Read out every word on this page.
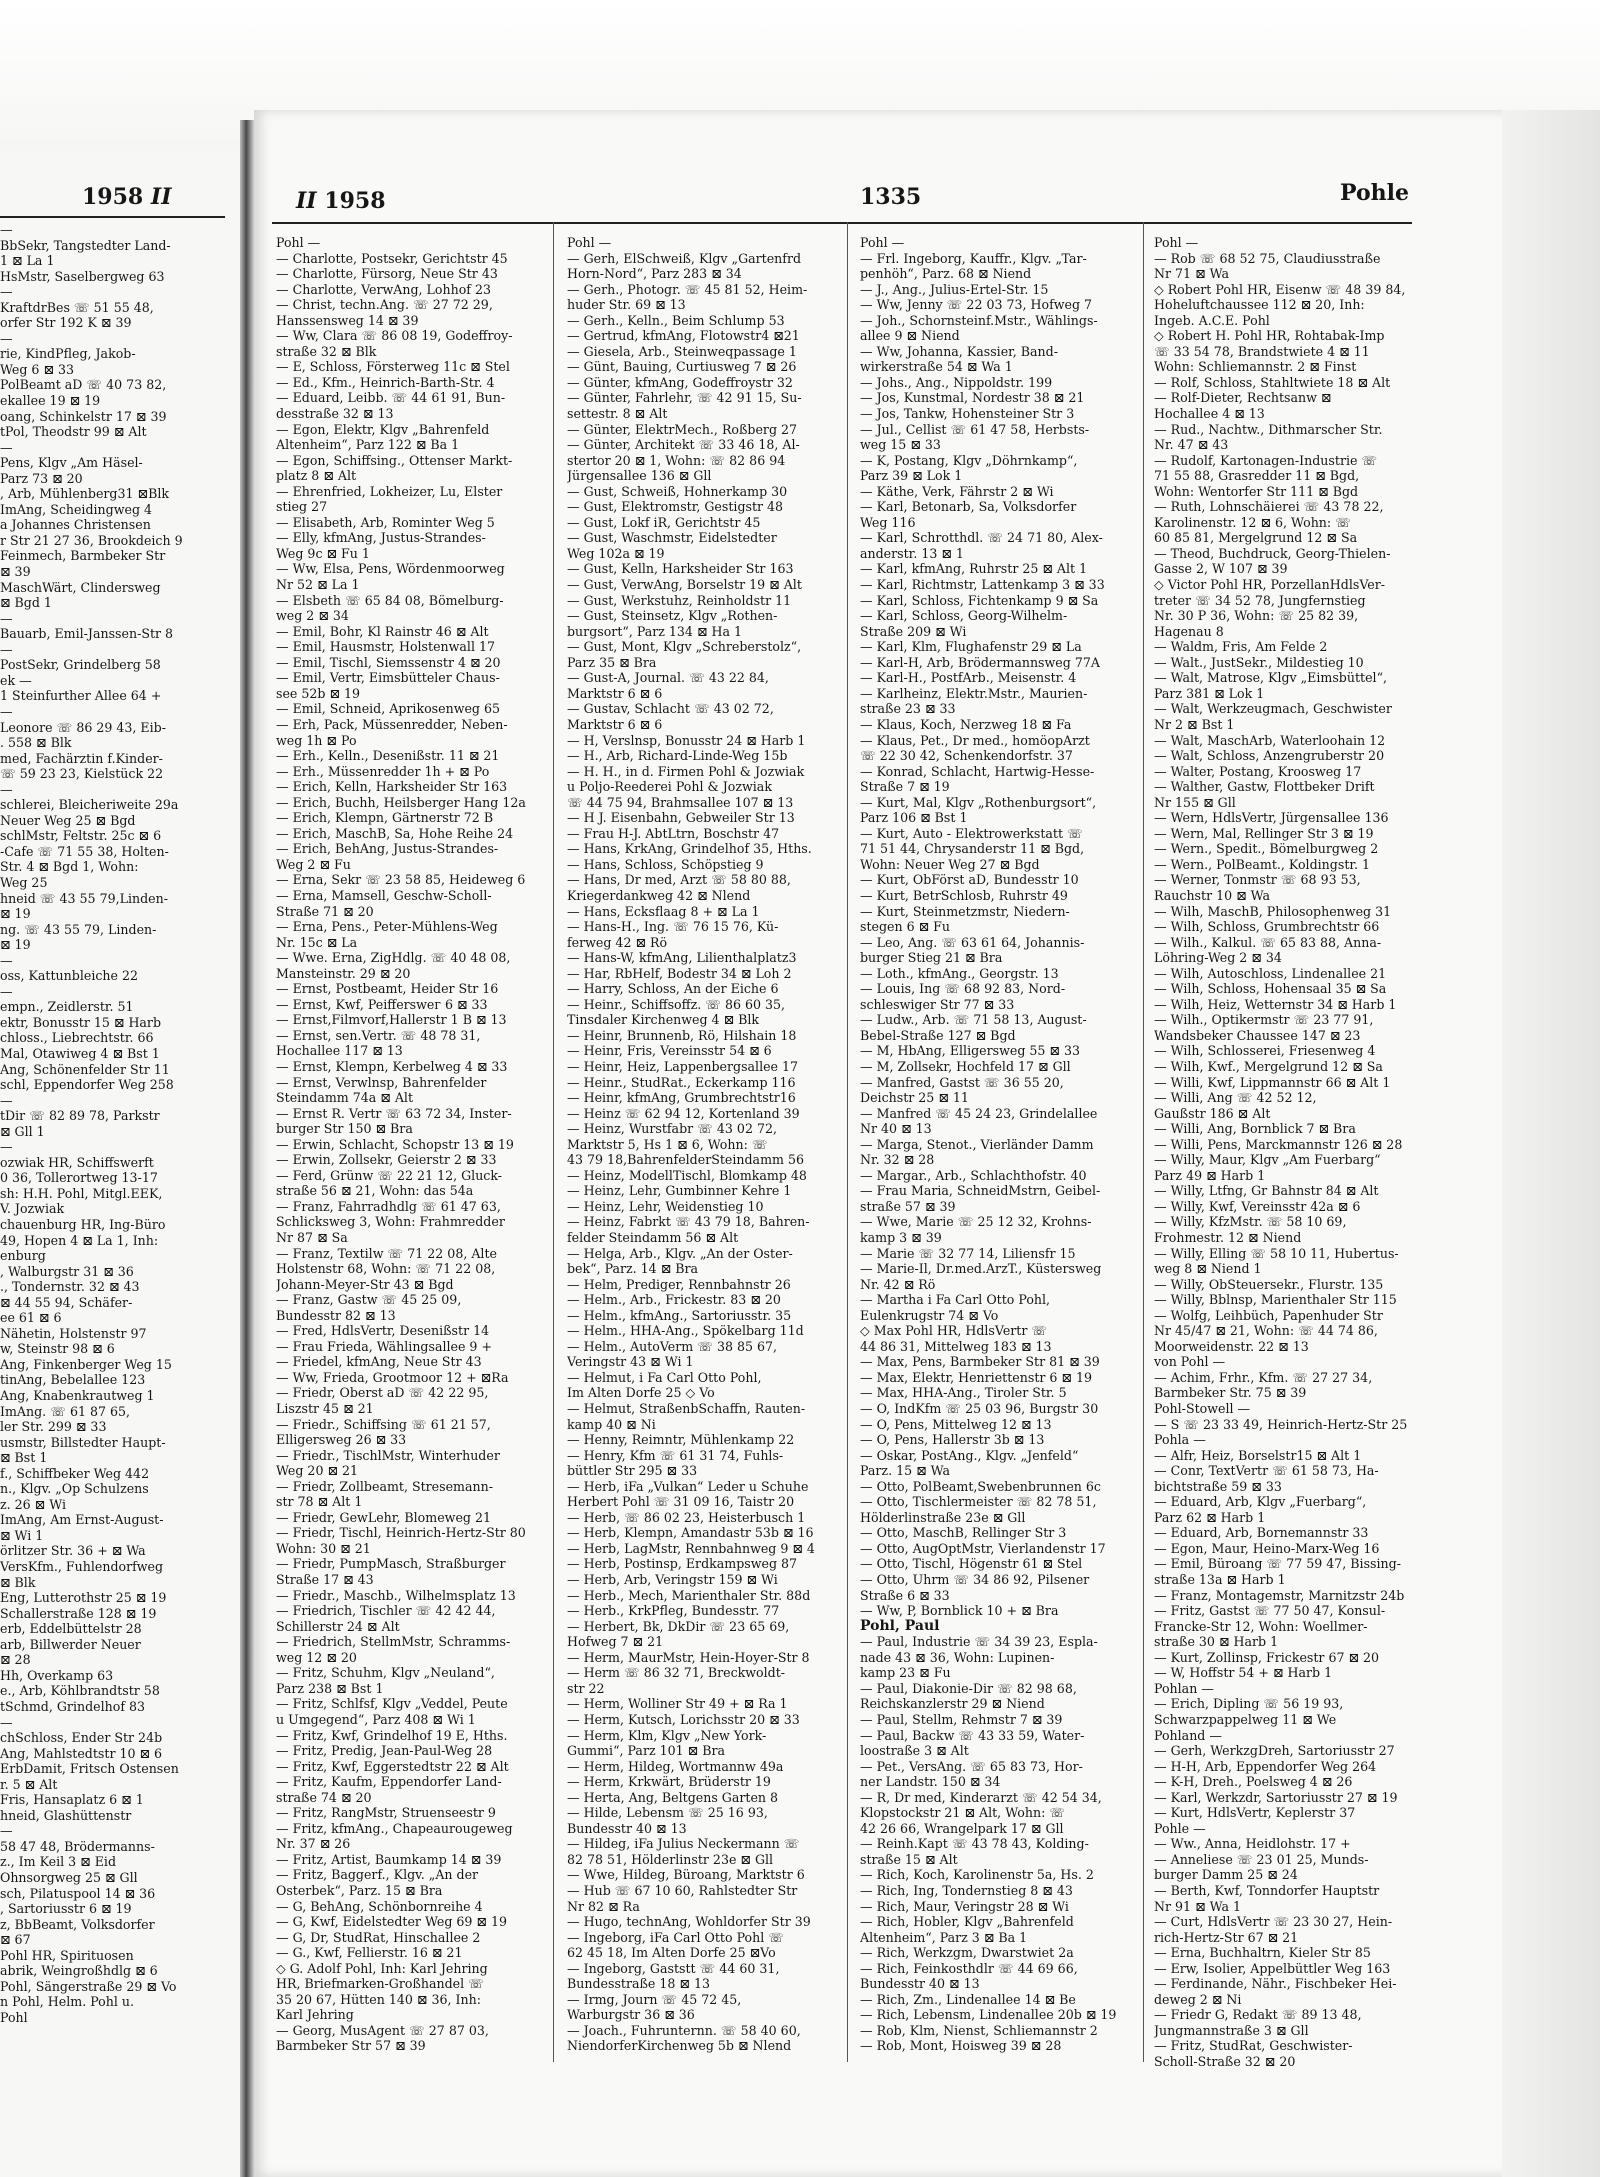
1958 II
—
BbSekr, Tangstedter Land-
1 ⊠ La 1
HsMstr, Saselbergweg 63
—
KraftdrBes ☏ 51 55 48,
orfer Str 192 K ⊠ 39
—
rie, KindPfleg, Jakob-
Weg 6 ⊠ 33
PolBeamt aD ☏ 40 73 82,
ekallee 19 ⊠ 19
oang, Schinkelstr 17 ⊠ 39
tPol, Theodstr 99 ⊠ Alt
—
Pens, Klgv „Am Häsel-
Parz 73 ⊠ 20
, Arb, Mühlenberg31 ⊠Blk
ImAng, Scheidingweg 4
a Johannes Christensen
r Str 21 27 36, Brookdeich 9
Feinmech, Barmbeker Str
⊠ 39
MaschWärt, Clindersweg
⊠ Bgd 1
—
Bauarb, Emil-Janssen-Str 8
—
PostSekr, Grindelberg 58
ek —
1 Steinfurther Allee 64 +
—
Leonore ☏ 86 29 43, Eib-
. 558 ⊠ Blk
med, Fachärztin f.Kinder-
☏ 59 23 23, Kielstück 22
—
schlerei, Bleicheriweite 29a
Neuer Weg 25 ⊠ Bgd
schlMstr, Feltstr. 25c ⊠ 6
-Cafe ☏ 71 55 38, Holten-
Str. 4 ⊠ Bgd 1, Wohn:
Weg 25
hneid ☏ 43 55 79,Linden-
⊠ 19
ng. ☏ 43 55 79, Linden-
⊠ 19
—
oss, Kattunbleiche 22
—
empn., Zeidlerstr. 51
ektr, Bonusstr 15 ⊠ Harb
chloss., Liebrechtstr. 66
Mal, Otawiweg 4 ⊠ Bst 1
Ang, Schönenfelder Str 11
schl, Eppendorfer Weg 258
—
tDir ☏ 82 89 78, Parkstr
⊠ Gll 1
—
ozwiak HR, Schiffswerft
0 36, Tollerortweg 13-17
sh: H.H. Pohl, Mitgl.EEK,
V. Jozwiak
chauenburg HR, Ing-Büro
49, Hopen 4 ⊠ La 1, Inh:
enburg
, Walburgstr 31 ⊠ 36
., Tondernstr. 32 ⊠ 43
⊠ 44 55 94, Schäfer-
ee 61 ⊠ 6
Nähetin, Holstenstr 97
w, Steinstr 98 ⊠ 6
Ang, Finkenberger Weg 15
tinAng, Bebelallee 123
Ang, Knabenkrautweg 1
ImAng. ☏ 61 87 65,
ler Str. 299 ⊠ 33
usmstr, Billstedter Haupt-
⊠ Bst 1
f., Schiffbeker Weg 442
n., Klgv. „Op Schulzens
z. 26 ⊠ Wi
ImAng, Am Ernst-August-
⊠ Wi 1
örlitzer Str. 36 + ⊠ Wa
VersKfm., Fuhlendorfweg
⊠ Blk
Eng, Lutterothstr 25 ⊠ 19
Schallerstraße 128 ⊠ 19
erb, Eddelbüttelstr 28
arb, Billwerder Neuer
⊠ 28
Hh, Overkamp 63
e., Arb, Köhlbrandtstr 58
tSchmd, Grindelhof 83
—
chSchloss, Ender Str 24b
Ang, Mahlstedtstr 10 ⊠ 6
ErbDamit, Fritsch Ostensen
r. 5 ⊠ Alt
Fris, Hansaplatz 6 ⊠ 1
hneid, Glashüttenstr
—
58 47 48, Brödermanns-
z., Im Keil 3 ⊠ Eid
Ohnsorgweg 25 ⊠ Gll
sch, Pilatuspool 14 ⊠ 36
, Sartoriusstr 6 ⊠ 19
z, BbBeamt, Volksdorfer
⊠ 67
Pohl HR, Spirituosen
abrik, Weingroßhdlg ⊠ 6
Pohl, Sängerstraße 29 ⊠ Vo
n Pohl, Helm. Pohl u.
Pohl
II 1958	1335	Pohle
Pohl —
— Charlotte, Postsekr, Gerichtstr 45
— Charlotte, Fürsorg, Neue Str 43
— Charlotte, VerwAng, Lohhof 23
— Christ, techn.Ang. ☏ 27 72 29,
Hanssensweg 14 ⊠ 39
— Ww, Clara ☏ 86 08 19, Godeffroy-
straße 32 ⊠ Blk
— E, Schloss, Försterweg 11c ⊠ Stel
— Ed., Kfm., Heinrich-Barth-Str. 4
— Eduard, Leibb. ☏ 44 61 91, Bun-
desstraße 32 ⊠ 13
— Egon, Elektr, Klgv „Bahrenfeld
Altenheim“, Parz 122 ⊠ Ba 1
— Egon, Schiffsing., Ottenser Markt-
platz 8 ⊠ Alt
— Ehrenfried, Lokheizer, Lu, Elster
stieg 27
— Elisabeth, Arb, Rominter Weg 5
— Elly, kfmAng, Justus-Strandes-
Weg 9c ⊠ Fu 1
— Ww, Elsa, Pens, Wördenmoorweg
Nr 52 ⊠ La 1
— Elsbeth ☏ 65 84 08, Bömelburg-
weg 2 ⊠ 34
— Emil, Bohr, Kl Rainstr 46 ⊠ Alt
— Emil, Hausmstr, Holstenwall 17
— Emil, Tischl, Siemssenstr 4 ⊠ 20
— Emil, Vertr, Eimsbütteler Chaus-
see 52b ⊠ 19
— Emil, Schneid, Aprikosenweg 65
— Erh, Pack, Müssenredder, Neben-
weg 1h ⊠ Po
— Erh., Kelln., Desenißstr. 11 ⊠ 21
— Erh., Müssenredder 1h + ⊠ Po
— Erich, Kelln, Harksheider Str 163
— Erich, Buchh, Heilsberger Hang 12a
— Erich, Klempn, Gärtnerstr 72 B
— Erich, MaschB, Sa, Hohe Reihe 24
— Erich, BehAng, Justus-Strandes-
Weg 2 ⊠ Fu
— Erna, Sekr ☏ 23 58 85, Heideweg 6
— Erna, Mamsell, Geschw-Scholl-
Straße 71 ⊠ 20
— Erna, Pens., Peter-Mühlens-Weg
Nr. 15c ⊠ La
— Wwe. Erna, ZigHdlg. ☏ 40 48 08,
Mansteinstr. 29 ⊠ 20
— Ernst, Postbeamt, Heider Str 16
— Ernst, Kwf, Peifferswег 6 ⊠ 33
— Ernst,Filmvorf,Hallerstr 1 B ⊠ 13
— Ernst, sen.Vertr. ☏ 48 78 31,
Hochallee 117 ⊠ 13
— Ernst, Klempn, Kerbelweg 4 ⊠ 33
— Ernst, Verwlnsp, Bahrenfelder
Steindamm 74a ⊠ Alt
— Ernst R. Vertr ☏ 63 72 34, Inster-
burger Str 150 ⊠ Bra
— Erwin, Schlacht, Schopstr 13 ⊠ 19
— Erwin, Zollsekr, Geierstr 2 ⊠ 33
— Ferd, Grünw ☏ 22 21 12, Gluck-
straße 56 ⊠ 21, Wohn: das 54a
— Franz, Fahrradhdlg ☏ 61 47 63,
Schlicksweg 3, Wohn: Frahmredder
Nr 87 ⊠ Sa
— Franz, Textilw ☏ 71 22 08, Alte
Holstenstr 68, Wohn: ☏ 71 22 08,
Johann-Meyer-Str 43 ⊠ Bgd
— Franz, Gastw ☏ 45 25 09,
Bundesstr 82 ⊠ 13
— Fred, HdlsVertr, Desenißstr 14
— Frau Frieda, Wählingsallee 9 +
— Friedel, kfmAng, Neue Str 43
— Ww, Frieda, Grootmoor 12 + ⊠Ra
— Friedr, Oberst aD ☏ 42 22 95,
Liszstr 45 ⊠ 21
— Friedr., Schiffsing ☏ 61 21 57,
Elligersweg 26 ⊠ 33
— Friedr., TischlMstr, Winterhuder
Weg 20 ⊠ 21
— Friedr, Zollbeamt, Stresemann-
str 78 ⊠ Alt 1
— Friedr, GewLehr, Blomeweg 21
— Friedr, Tischl, Heinrich-Hertz-Str 80
Wohn: 30 ⊠ 21
— Friedr, PumpMasch, Straßburger
Straße 17 ⊠ 43
— Friedr., Maschb., Wilhelmsplatz 13
— Friedrich, Tischler ☏ 42 42 44,
Schillerstr 24 ⊠ Alt
— Friedrich, StellmMstr, Schramms-
weg 12 ⊠ 20
— Fritz, Schuhm, Klgv „Neuland“,
Parz 238 ⊠ Bst 1
— Fritz, Schlfsf, Klgv „Veddel, Peute
u Umgegend“, Parz 408 ⊠ Wi 1
— Fritz, Kwf, Grindelhof 19 E, Hths.
— Fritz, Predig, Jean-Paul-Weg 28
— Fritz, Kwf, Eggerstedtstr 22 ⊠ Alt
— Fritz, Kaufm, Eppendorfer Land-
straße 74 ⊠ 20
— Fritz, RangMstr, Struenseestr 9
— Fritz, kfmAng., Chapeaurougeweg
Nr. 37 ⊠ 26
— Fritz, Artist, Baumkamp 14 ⊠ 39
— Fritz, Baggerf., Klgv. „An der
Osterbek“, Parz. 15 ⊠ Bra
— G, BehAng, Schönbornreihe 4
— G, Kwf, Eidelstedter Weg 69 ⊠ 19
— G, Dr, StudRat, Hinschallee 2
— G., Kwf, Fellierstr. 16 ⊠ 21
◇ G. Adolf Pohl, Inh: Karl Jehring
HR, Briefmarken-Großhandel ☏
35 20 67, Hütten 140 ⊠ 36, Inh:
Karl Jehring
— Georg, MusAgent ☏ 27 87 03,
Barmbeker Str 57 ⊠ 39
Pohl —
— Gerh, ElSchweiß, Klgv „Gartenfrd
Horn-Nord“, Parz 283 ⊠ 34
— Gerh., Photogr. ☏ 45 81 52, Heim-
huder Str. 69 ⊠ 13
— Gerh., Kelln., Beim Schlump 53
— Gertrud, kfmAng, Flotowstr4 ⊠21
— Giesela, Arb., Steinweqpassage 1
— Günt, Bauing, Curtiusweg 7 ⊠ 26
— Günter, kfmAng, Godeffroystr 32
— Günter, Fahrlehr, ☏ 42 91 15, Su-
settestr. 8 ⊠ Alt
— Günter, ElektrMech., Roßberg 27
— Günter, Architekt ☏ 33 46 18, Al-
stertor 20 ⊠ 1, Wohn: ☏ 82 86 94
Jürgensallee 136 ⊠ Gll
— Gust, Schweiß, Hohnerkamp 30
— Gust, Elektromstr, Gestigstr 48
— Gust, Lokf iR, Gerichtstr 45
— Gust, Waschmstr, Eidelstedter
Weg 102a ⊠ 19
— Gust, Kelln, Harksheider Str 163
— Gust, VerwAng, Borselstr 19 ⊠ Alt
— Gust, Werkstuhz, Reinholdstr 11
— Gust, Steinsetz, Klgv „Rothen-
burgsort“, Parz 134 ⊠ Ha 1
— Gust, Mont, Klgv „Schreberstolz“,
Parz 35 ⊠ Bra
— Gust-A, Journal. ☏ 43 22 84,
Marktstr 6 ⊠ 6
— Gustav, Schlacht ☏ 43 02 72,
Marktstr 6 ⊠ 6
— H, Verslnsp, Bonusstr 24 ⊠ Harb 1
— H., Arb, Richard-Linde-Weg 15b
— H. H., in d. Firmen Pohl & Jozwiak
u Poljo-Reederei Pohl & Jozwiak
☏ 44 75 94, Brahmsallee 107 ⊠ 13
— H J. Eisenbahn, Gebweiler Str 13
— Frau H-J. AbtLtrn, Boschstr 47
— Hans, KrkAng, Grindelhof 35, Hths.
— Hans, Schloss, Schöpstieg 9
— Hans, Dr med, Arzt ☏ 58 80 88,
Kriegerdankweg 42 ⊠ Nlend
— Hans, Ecksflaag 8 + ⊠ La 1
— Hans-H., Ing. ☏ 76 15 76, Kü-
ferweg 42 ⊠ Rö
— Hans-W, kfmAng, Lilienthalplatz3
— Har, RbHelf, Bodestr 34 ⊠ Loh 2
— Harry, Schloss, An der Eiche 6
— Heinr., Schiffsoffz. ☏ 86 60 35,
Tinsdaler Kirchenweg 4 ⊠ Blk
— Heinr, Brunnenb, Rö, Hilshain 18
— Heinr, Fris, Vereinsstr 54 ⊠ 6
— Heinr, Heiz, Lappenbergsallee 17
— Heinr., StudRat., Eckerkamp 116
— Heinr, kfmAng, Grumbrechtstr16
— Heinz ☏ 62 94 12, Kortenland 39
— Heinz, Wurstfabr ☏ 43 02 72,
Marktstr 5, Hs 1 ⊠ 6, Wohn: ☏
43 79 18,BahrenfelderSteindamm 56
— Heinz, ModellTischl, Blomkamp 48
— Heinz, Lehr, Gumbinner Kehre 1
— Heinz, Lehr, Weidenstieg 10
— Heinz, Fabrkt ☏ 43 79 18, Bahren-
felder Steindamm 56 ⊠ Alt
— Helga, Arb., Klgv. „An der Oster-
bek“, Parz. 14 ⊠ Bra
— Helm, Prediger, Rennbahnstr 26
— Helm., Arb., Frickestr. 83 ⊠ 20
— Helm., kfmAng., Sartoriusstr. 35
— Helm., HHA-Ang., Spökelbarg 11d
— Helm., AutoVerm ☏ 38 85 67,
Veringstr 43 ⊠ Wi 1
— Helmut, i Fa Carl Otto Pohl,
Im Alten Dorfe 25 ◇ Vo
— Helmut, StraßenbSchaffn, Rauten-
kamp 40 ⊠ Ni
— Henny, Reimntr, Mühlenkamp 22
— Henry, Kfm ☏ 61 31 74, Fuhls-
büttler Str 295 ⊠ 33
— Herb, iFa „Vulkan“ Leder u Schuhe
Herbert Pohl ☏ 31 09 16, Taistr 20
— Herb, ☏ 86 02 23, Heisterbusch 1
— Herb, Klempn, Amandastr 53b ⊠ 16
— Herb, LagMstr, Rennbahnweg 9 ⊠ 4
— Herb, Postinsp, Erdkampsweg 87
— Herb, Arb, Veringstr 159 ⊠ Wi
— Herb., Mech, Marienthaler Str. 88d
— Herb., KrkPfleg, Bundesstr. 77
— Herbert, Bk, DkDir ☏ 23 65 69,
Hofweg 7 ⊠ 21
— Herm, MaurMstr, Hein-Hoyer-Str 8
— Herm ☏ 86 32 71, Breckwoldt-
str 22
— Herm, Wolliner Str 49 + ⊠ Ra 1
— Herm, Kutsch, Lorichsstr 20 ⊠ 33
— Herm, Klm, Klgv „New York-
Gummi“, Parz 101 ⊠ Bra
— Herm, Hildeg, Wortmannw 49a
— Herm, Krkwärt, Brüderstr 19
— Herta, Ang, Beltgens Garten 8
— Hilde, Lebensm ☏ 25 16 93,
Bundesstr 40 ⊠ 13
— Hildeg, iFa Julius Neckermann ☏
82 78 51, Hölderlinstr 23e ⊠ Gll
— Wwe, Hildeg, Büroang, Marktstr 6
— Hub ☏ 67 10 60, Rahlstedter Str
Nr 82 ⊠ Ra
— Hugo, technAng, Wohldorfer Str 39
— Ingeborg, iFa Carl Otto Pohl ☏
62 45 18, Im Alten Dorfe 25 ⊠Vo
— Ingeborg, Gaststt ☏ 44 60 31,
Bundesstraße 18 ⊠ 13
— Irmg, Journ ☏ 45 72 45,
Warburgstr 36 ⊠ 36
— Joach., Fuhrunternn. ☏ 58 40 60,
NiendorferKirchenweg 5b ⊠ Nlend
Pohl —
— Frl. Ingeborg, Kauffr., Klgv. „Tar-
penhöh“, Parz. 68 ⊠ Niend
— J., Ang., Julius-Ertel-Str. 15
— Ww, Jenny ☏ 22 03 73, Hofweg 7
— Joh., Schornsteinf.Mstr., Wählings-
allee 9 ⊠ Niend
— Ww, Johanna, Kassier, Band-
wirkerstraße 54 ⊠ Wa 1
— Johs., Ang., Nippoldstr. 199
— Jos, Kunstmal, Nordestr 38 ⊠ 21
— Jos, Tankw, Hohensteiner Str 3
— Jul., Cellist ☏ 61 47 58, Herbsts-
weg 15 ⊠ 33
— K, Postang, Klgv „Döhrnkamp“,
Parz 39 ⊠ Lok 1
— Käthe, Verk, Fährstr 2 ⊠ Wi
— Karl, Betonarb, Sa, Volksdorfer
Weg 116
— Karl, Schrotthdl. ☏ 24 71 80, Alex-
anderstr. 13 ⊠ 1
— Karl, kfmAng, Ruhrstr 25 ⊠ Alt 1
— Karl, Richtmstr, Lattenkamp 3 ⊠ 33
— Karl, Schloss, Fichtenkamp 9 ⊠ Sa
— Karl, Schloss, Georg-Wilhelm-
Straße 209 ⊠ Wi
— Karl, Klm, Flughafenstr 29 ⊠ La
— Karl-H, Arb, Brödermannsweg 77A
— Karl-H., PostfArb., Meisenstr. 4
— Karlheinz, Elektr.Mstr., Maurien-
straße 23 ⊠ 33
— Klaus, Koch, Nerzweg 18 ⊠ Fa
— Klaus, Pet., Dr med., homöopArzt
☏ 22 30 42, Schenkendorfstr. 37
— Konrad, Schlacht, Hartwig-Hesse-
Straße 7 ⊠ 19
— Kurt, Mal, Klgv „Rothenburgsort“,
Parz 106 ⊠ Bst 1
— Kurt, Auto - Elektrowerkstatt ☏
71 51 44, Chrysanderstr 11 ⊠ Bgd,
Wohn: Neuer Weg 27 ⊠ Bgd
— Kurt, ObFörst aD, Bundesstr 10
— Kurt, BetrSchlosb, Ruhrstr 49
— Kurt, Steinmetzmstr, Niedern-
stegen 6 ⊠ Fu
— Leo, Ang. ☏ 63 61 64, Johannis-
burger Stieg 21 ⊠ Bra
— Loth., kfmAng., Georgstr. 13
— Louis, Ing ☏ 68 92 83, Nord-
schleswiger Str 77 ⊠ 33
— Ludw., Arb. ☏ 71 58 13, August-
Bebel-Straße 127 ⊠ Bgd
— M, HbAng, Elligersweg 55 ⊠ 33
— M, Zollsekr, Hochfeld 17 ⊠ Gll
— Manfred, Gastst ☏ 36 55 20,
Deichstr 25 ⊠ 11
— Manfred ☏ 45 24 23, Grindelallee
Nr 40 ⊠ 13
— Marga, Stenot., Vierländer Damm
Nr. 32 ⊠ 28
— Margar., Arb., Schlachthofstr. 40
— Frau Maria, SchneidMstrn, Geibel-
straße 57 ⊠ 39
— Wwe, Marie ☏ 25 12 32, Krohns-
kamp 3 ⊠ 39
— Marie ☏ 32 77 14, Liliensfr 15
— Marie-Il, Dr.med.ArzT., Küstersweg
Nr. 42 ⊠ Rö
— Martha i Fa Carl Otto Pohl,
Eulenkrugstr 74 ⊠ Vo
◇ Max Pohl HR, HdlsVertr ☏
44 86 31, Mittelweg 183 ⊠ 13
— Max, Pens, Barmbeker Str 81 ⊠ 39
— Max, Elektr, Henriettenstr 6 ⊠ 19
— Max, HHA-Ang., Tiroler Str. 5
— O, IndKfm ☏ 25 03 96, Burgstr 30
— O, Pens, Mittelweg 12 ⊠ 13
— O, Pens, Hallerstr 3b ⊠ 13
— Oskar, PostAng., Klgv. „Jenfeld“
Parz. 15 ⊠ Wa
— Otto, PolBeamt,Swebenbrunnen 6c
— Otto, Tischlermeister ☏ 82 78 51,
Hölderlinstraße 23e ⊠ Gll
— Otto, MaschB, Rellinger Str 3
— Otto, AugOptMstr, Vierlandenstr 17
— Otto, Tischl, Högenstr 61 ⊠ Stel
— Otto, Uhrm ☏ 34 86 92, Pilsener
Straße 6 ⊠ 33
— Ww, P, Bornblick 10 + ⊠ Bra
Pohl, Paul
— Paul, Industrie ☏ 34 39 23, Espla-
nade 43 ⊠ 36, Wohn: Lupinen-
kamp 23 ⊠ Fu
— Paul, Diakonie-Dir ☏ 82 98 68,
Reichskanzlerstr 29 ⊠ Niend
— Paul, Stellm, Rehmstr 7 ⊠ 39
— Paul, Backw ☏ 43 33 59, Water-
loostraße 3 ⊠ Alt
— Pet., VersAng. ☏ 65 83 73, Hor-
ner Landstr. 150 ⊠ 34
— R, Dr med, Kinderarzt ☏ 42 54 34,
Klopstockstr 21 ⊠ Alt, Wohn: ☏
42 26 66, Wrangelpark 17 ⊠ Gll
— Reinh.Kapt ☏ 43 78 43, Kolding-
straße 15 ⊠ Alt
— Rich, Koch, Karolinenstr 5a, Hs. 2
— Rich, Ing, Tondernstieg 8 ⊠ 43
— Rich, Maur, Veringstr 28 ⊠ Wi
— Rich, Hobler, Klgv „Bahrenfeld
Altenheim“, Parz 3 ⊠ Ba 1
— Rich, Werkzgm, Dwarstwiet 2a
— Rich, Feinkosthdlr ☏ 44 69 66,
Bundesstr 40 ⊠ 13
— Rich, Zm., Lindenallee 14 ⊠ Be
— Rich, Lebensm, Lindenallee 20b ⊠ 19
— Rob, Klm, Nienst, Schliemannstr 2
— Rob, Mont, Hoisweg 39 ⊠ 28
Pohl —
— Rob ☏ 68 52 75, Claudiusstraße
Nr 71 ⊠ Wa
◇ Robert Pohl HR, Eisenw ☏ 48 39 84,
Hoheluftchaussee 112 ⊠ 20, Inh:
Ingeb. A.C.E. Pohl
◇ Robert H. Pohl HR, Rohtabak-Imp
☏ 33 54 78, Brandstwiete 4 ⊠ 11
Wohn: Schliemannstr. 2 ⊠ Finst
— Rolf, Schloss, Stahltwiete 18 ⊠ Alt
— Rolf-Dieter, Rechtsanw ⊠
Hochallee 4 ⊠ 13
— Rud., Nachtw., Dithmarscher Str.
Nr. 47 ⊠ 43
— Rudolf, Kartonagen-Industrie ☏
71 55 88, Grasredder 11 ⊠ Bgd,
Wohn: Wentorfer Str 111 ⊠ Bgd
— Ruth, Lohnschäierei ☏ 43 78 22,
Karolinenstr. 12 ⊠ 6, Wohn: ☏
60 85 81, Mergelgrund 12 ⊠ Sa
— Theod, Buchdruck, Georg-Thielen-
Gasse 2, W 107 ⊠ 39
◇ Victor Pohl HR, PorzellanHdlsVer-
treter ☏ 34 52 78, Jungfernstieg
Nr. 30 P 36, Wohn: ☏ 25 82 39,
Hagenau 8
— Waldm, Fris, Am Felde 2
— Walt., JustSekr., Mildestieg 10
— Walt, Matrose, Klgv „Eimsbüttel“,
Parz 381 ⊠ Lok 1
— Walt, Werkzeugmach, Geschwister
Nr 2 ⊠ Bst 1
— Walt, MaschArb, Waterloohain 12
— Walt, Schloss, Anzengruberstr 20
— Walter, Postang, Kroosweg 17
— Walther, Gastw, Flottbeker Drift
Nr 155 ⊠ Gll
— Wern, HdlsVertr, Jürgensallee 136
— Wern, Mal, Rellinger Str 3 ⊠ 19
— Wern., Spedit., Bömelburgweg 2
— Wern., PolBeamt., Koldingstr. 1
— Werner, Tonmstr ☏ 68 93 53,
Rauchstr 10 ⊠ Wa
— Wilh, MaschB, Philosophenweg 31
— Wilh, Schloss, Grumbrechtstr 66
— Wilh., Kalkul. ☏ 65 83 88, Anna-
Löhring-Weg 2 ⊠ 34
— Wilh, Autoschloss, Lindenallee 21
— Wilh, Schloss, Hohensaal 35 ⊠ Sa
— Wilh, Heiz, Wetternstr 34 ⊠ Harb 1
— Wilh., Optikermstr ☏ 23 77 91,
Wandsbeker Chaussee 147 ⊠ 23
— Wilh, Schlosserei, Friesenweg 4
— Wilh, Kwf., Mergelgrund 12 ⊠ Sa
— Willi, Kwf, Lippmannstr 66 ⊠ Alt 1
— Willi, Ang ☏ 42 52 12,
Gaußstr 186 ⊠ Alt
— Willi, Ang, Bornblick 7 ⊠ Bra
— Willi, Pens, Marckmannstr 126 ⊠ 28
— Willy, Maur, Klgv „Am Fuerbarg“
Parz 49 ⊠ Harb 1
— Willy, Ltfng, Gr Bahnstr 84 ⊠ Alt
— Willy, Kwf, Vereinsstr 42a ⊠ 6
— Willy, KfzMstr. ☏ 58 10 69,
Frohmestr. 12 ⊠ Niend
— Willy, Elling ☏ 58 10 11, Hubertus-
weg 8 ⊠ Niend 1
— Willy, ObSteuersekr., Flurstr. 135
— Willy, Bblnsp, Marienthaler Str 115
— Wolfg, Leihbüch, Papenhuder Str
Nr 45/47 ⊠ 21, Wohn: ☏ 44 74 86,
Moorweidenstr. 22 ⊠ 13
von Pohl —
— Achim, Frhr., Kfm. ☏ 27 27 34,
Barmbeker Str. 75 ⊠ 39
Pohl-Stowell —
— S ☏ 23 33 49, Heinrich-Hertz-Str 25
Pohla —
— Alfr, Heiz, Borselstr15 ⊠ Alt 1
— Conr, TextVertr ☏ 61 58 73, Ha-
bichtstraße 59 ⊠ 33
— Eduard, Arb, Klgv „Fuerbarg“,
Parz 62 ⊠ Harb 1
— Eduard, Arb, Bornemannstr 33
— Egon, Maur, Heino-Marx-Weg 16
— Emil, Büroang ☏ 77 59 47, Bissing-
straße 13a ⊠ Harb 1
— Franz, Montagemstr, Marnitzstr 24b
— Fritz, Gastst ☏ 77 50 47, Konsul-
Francke-Str 12, Wohn: Woellmer-
straße 30 ⊠ Harb 1
— Kurt, Zollinsp, Frickestr 67 ⊠ 20
— W, Hoffstr 54 + ⊠ Harb 1
Pohlan —
— Erich, Dipling ☏ 56 19 93,
Schwarzpappelweg 11 ⊠ We
Pohland —
— Gerh, WerkzgDreh, Sartoriusstr 27
— H-H, Arb, Eppendorfer Weg 264
— K-H, Dreh., Poelsweg 4 ⊠ 26
— Karl, Werkzdr, Sartoriusstr 27 ⊠ 19
— Kurt, HdlsVertr, Keplerstr 37
Pohle —
— Ww., Anna, Heidlohstr. 17 +
— Anneliese ☏ 23 01 25, Munds-
burger Damm 25 ⊠ 24
— Berth, Kwf, Tonndorfer Hauptstr
Nr 91 ⊠ Wa 1
— Curt, HdlsVertr ☏ 23 30 27, Hein-
rich-Hertz-Str 67 ⊠ 21
— Erna, Buchhaltrn, Kieler Str 85
— Erw, Isolier, Appelbüttler Weg 163
— Ferdinande, Nähr., Fischbeker Hei-
deweg 2 ⊠ Ni
— Friedr G, Redakt ☏ 89 13 48,
Jungmannstraße 3 ⊠ Gll
— Fritz, StudRat, Geschwister-
Scholl-Straße 32 ⊠ 20
